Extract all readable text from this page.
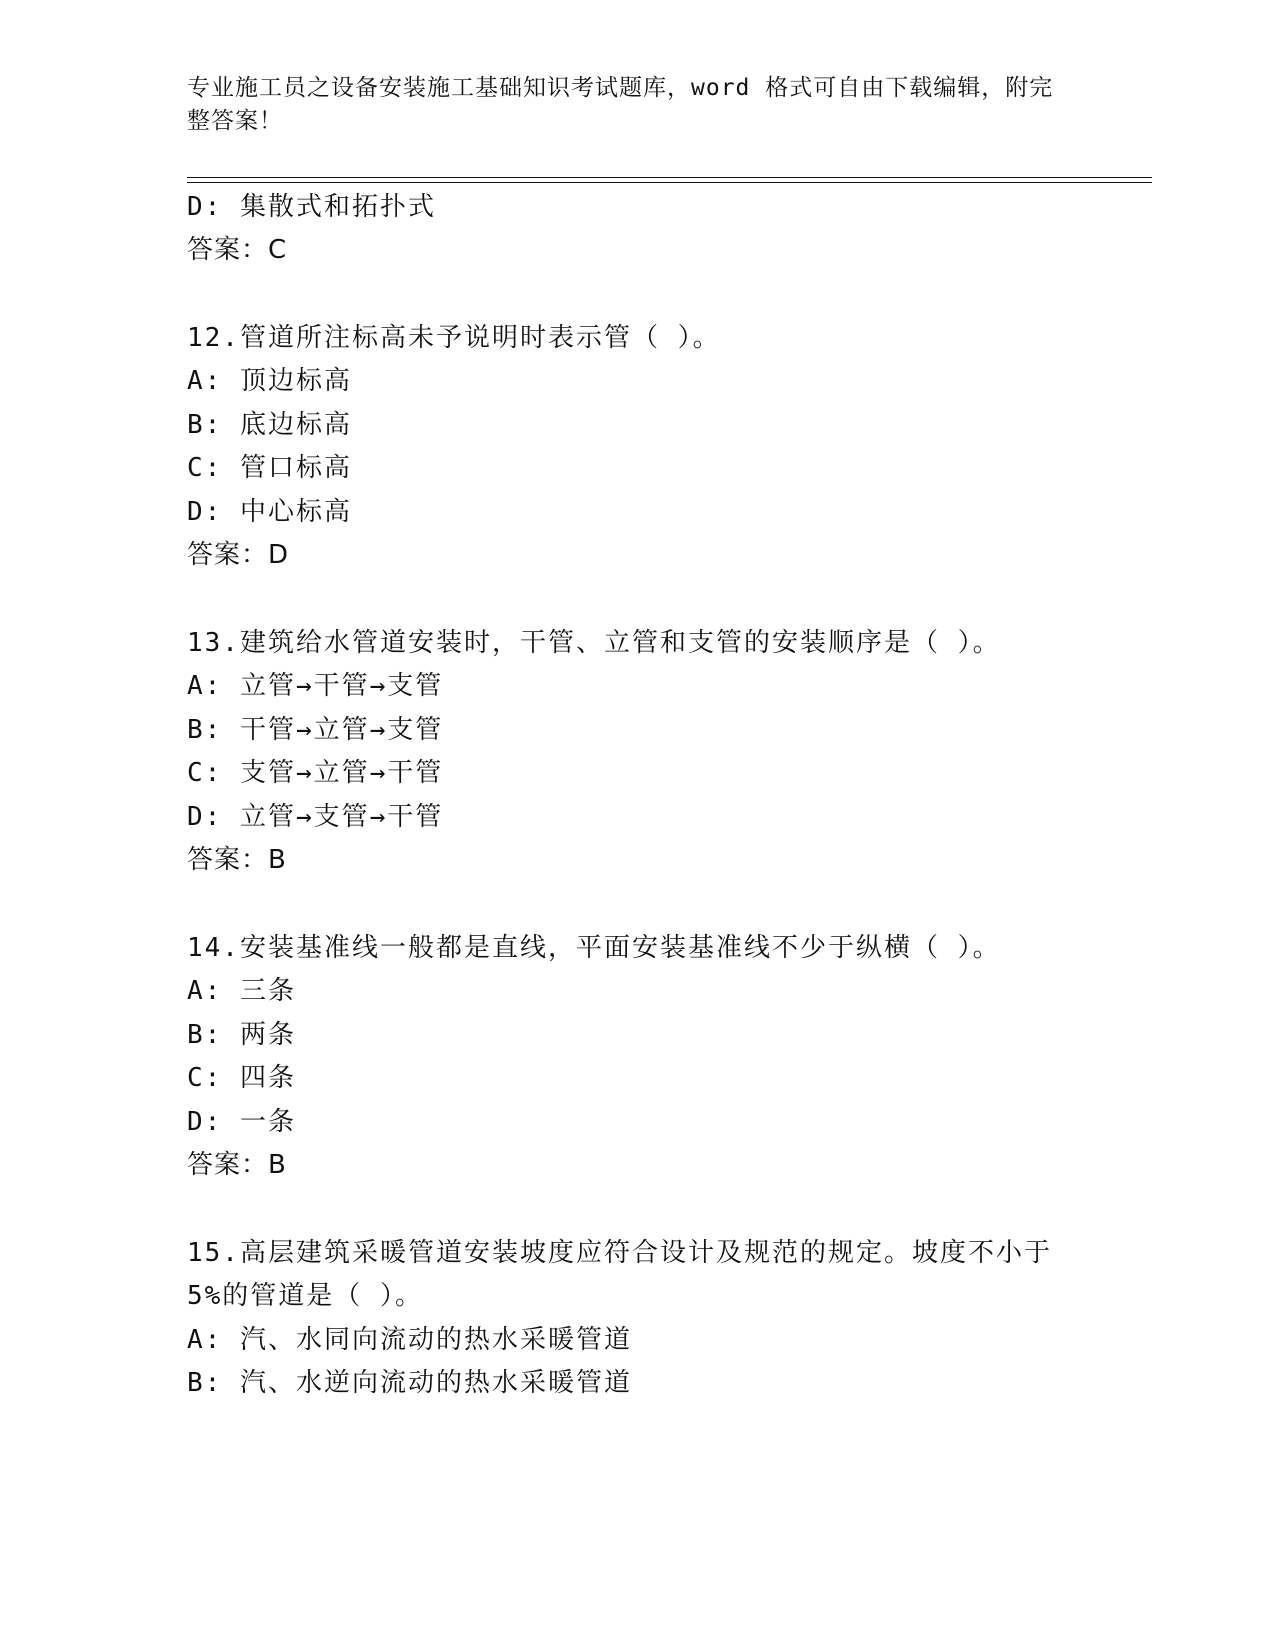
专业施工员之设备安装施工基础知识考试题库，word 格式可自由下载编辑，附完
整答案！
D: 集散式和拓扑式
答案：C
12.管道所注标高未予说明时表示管（ ）。
A: 顶边标高
B: 底边标高
C: 管口标高
D: 中心标高
答案：D
13.建筑给水管道安装时，干管、立管和支管的安装顺序是（ ）。
A: 立管→干管→支管
B: 干管→立管→支管
C: 支管→立管→干管
D: 立管→支管→干管
答案：B
14.安装基准线一般都是直线，平面安装基准线不少于纵横（ ）。
A: 三条
B: 两条
C: 四条
D: 一条
答案：B
15.高层建筑采暖管道安装坡度应符合设计及规范的规定。坡度不小于
5%的管道是（ ）。
A: 汽、水同向流动的热水采暖管道
B: 汽、水逆向流动的热水采暖管道
